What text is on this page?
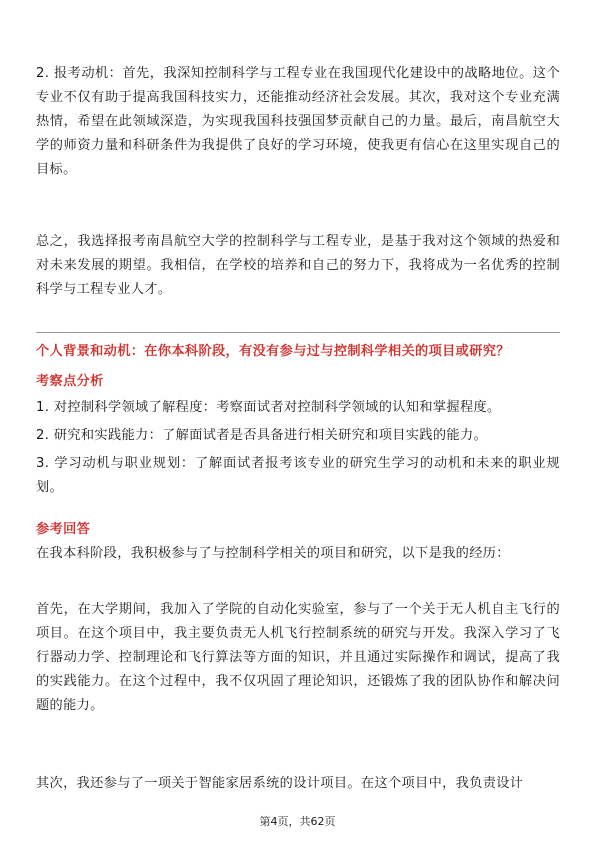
2. 报考动机：首先，我深知控制科学与工程专业在我国现代化建设中的战略地位。这个专业不仅有助于提高我国科技实力，还能推动经济社会发展。其次，我对这个专业充满热情，希望在此领域深造，为实现我国科技强国梦贡献自己的力量。最后，南昌航空大学的师资力量和科研条件为我提供了良好的学习环境，使我更有信心在这里实现自己的目标。

总之，我选择报考南昌航空大学的控制科学与工程专业，是基于我对这个领域的热爱和对未来发展的期望。我相信，在学校的培养和自己的努力下，我将成为一名优秀的控制科学与工程专业人才。

个人背景和动机：在你本科阶段，有没有参与过与控制科学相关的项目或研究？

考察点分析

1. 对控制科学领域了解程度：考察面试者对控制科学领域的认知和掌握程度。

2. 研究和实践能力：了解面试者是否具备进行相关研究和项目实践的能力。

3. 学习动机与职业规划：了解面试者报考该专业的研究生学习的动机和未来的职业规划。

参考回答

在我本科阶段，我积极参与了与控制科学相关的项目和研究，以下是我的经历：

首先，在大学期间，我加入了学院的自动化实验室，参与了一个关于无人机自主飞行的项目。在这个项目中，我主要负责无人机飞行控制系统的研究与开发。我深入学习了飞行器动力学、控制理论和飞行算法等方面的知识，并且通过实际操作和调试，提高了我的实践能力。在这个过程中，我不仅巩固了理论知识，还锻炼了我的团队协作和解决问题的能力。

其次，我还参与了一项关于智能家居系统的设计项目。在这个项目中，我负责设计

第4页，共62页
